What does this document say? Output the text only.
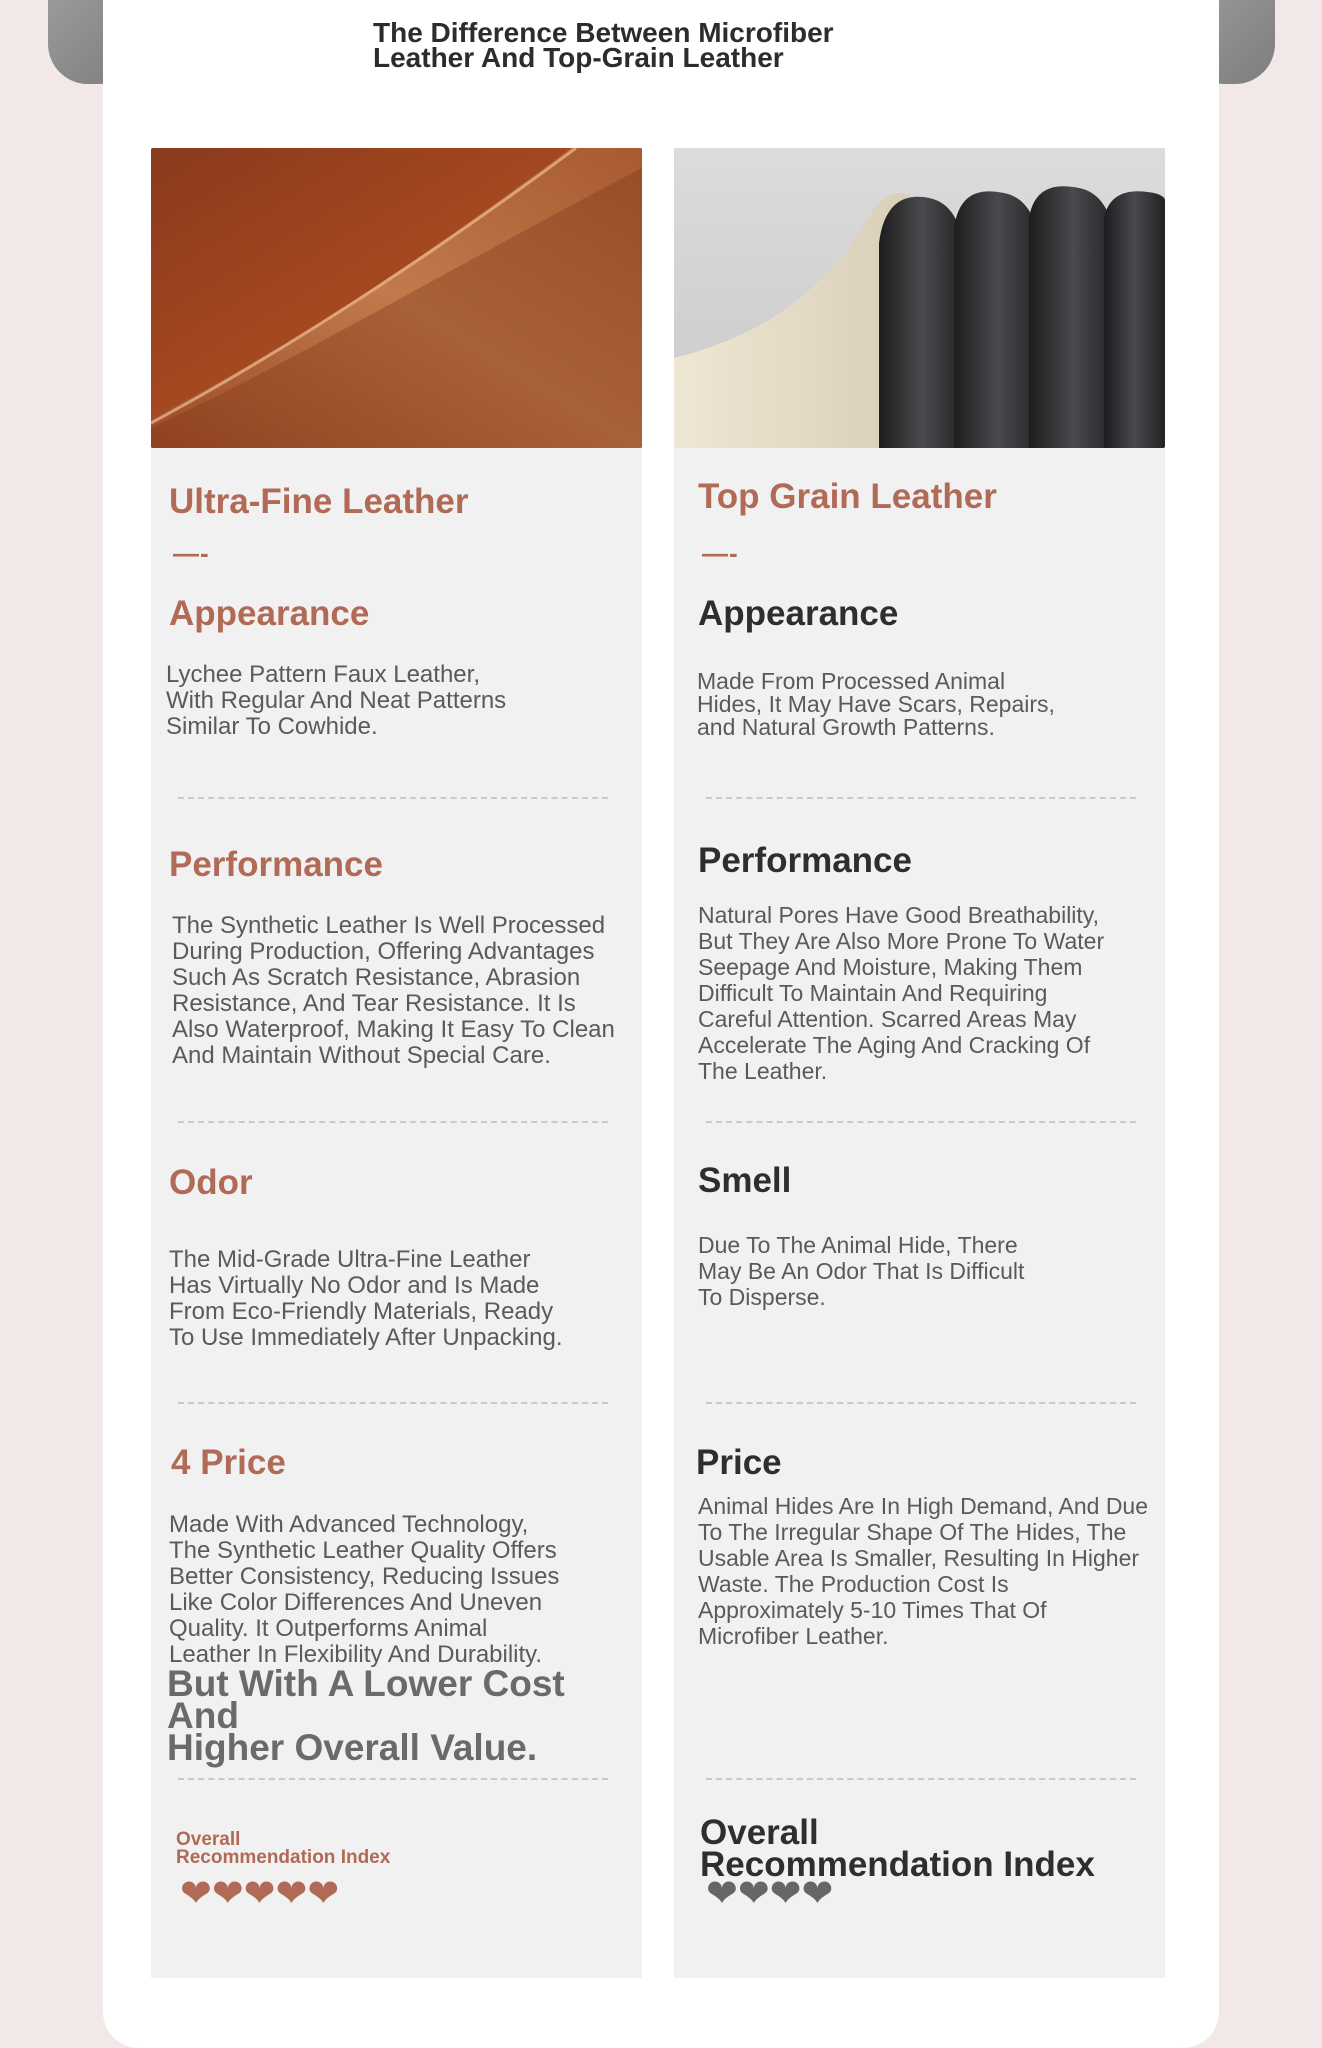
The Difference Between Microfiber
Leather And Top-Grain Leather
Ultra-Fine Leather
—-
Appearance
Lychee Pattern Faux Leather,
With Regular And Neat Patterns
Similar To Cowhide.
Performance
The Synthetic Leather Is Well Processed
During Production, Offering Advantages
Such As Scratch Resistance, Abrasion
Resistance, And Tear Resistance. It Is
Also Waterproof, Making It Easy To Clean
And Maintain Without Special Care.
Odor
The Mid-Grade Ultra-Fine Leather
Has Virtually No Odor and Is Made
From Eco-Friendly Materials, Ready
To Use Immediately After Unpacking.
4 Price
Made With Advanced Technology,
The Synthetic Leather Quality Offers
Better Consistency, Reducing Issues
Like Color Differences And Uneven
Quality. It Outperforms Animal
Leather In Flexibility And Durability.
But With A Lower Cost And
Higher Overall Value.
Overall
Recommendation Index
❤❤❤❤❤
Top Grain Leather
—-
Appearance
Made From Processed Animal
Hides, It May Have Scars, Repairs,
and Natural Growth Patterns.
Performance
Natural Pores Have Good Breathability,
But They Are Also More Prone To Water
Seepage And Moisture, Making Them
Difficult To Maintain And Requiring
Careful Attention. Scarred Areas May
Accelerate The Aging And Cracking Of
The Leather.
Smell
Due To The Animal Hide, There
May Be An Odor That Is Difficult
To Disperse.
Price
Animal Hides Are In High Demand, And Due
To The Irregular Shape Of The Hides, The
Usable Area Is Smaller, Resulting In Higher
Waste. The Production Cost Is
Approximately 5-10 Times That Of
Microfiber Leather.
Overall
Recommendation Index
❤❤❤❤
